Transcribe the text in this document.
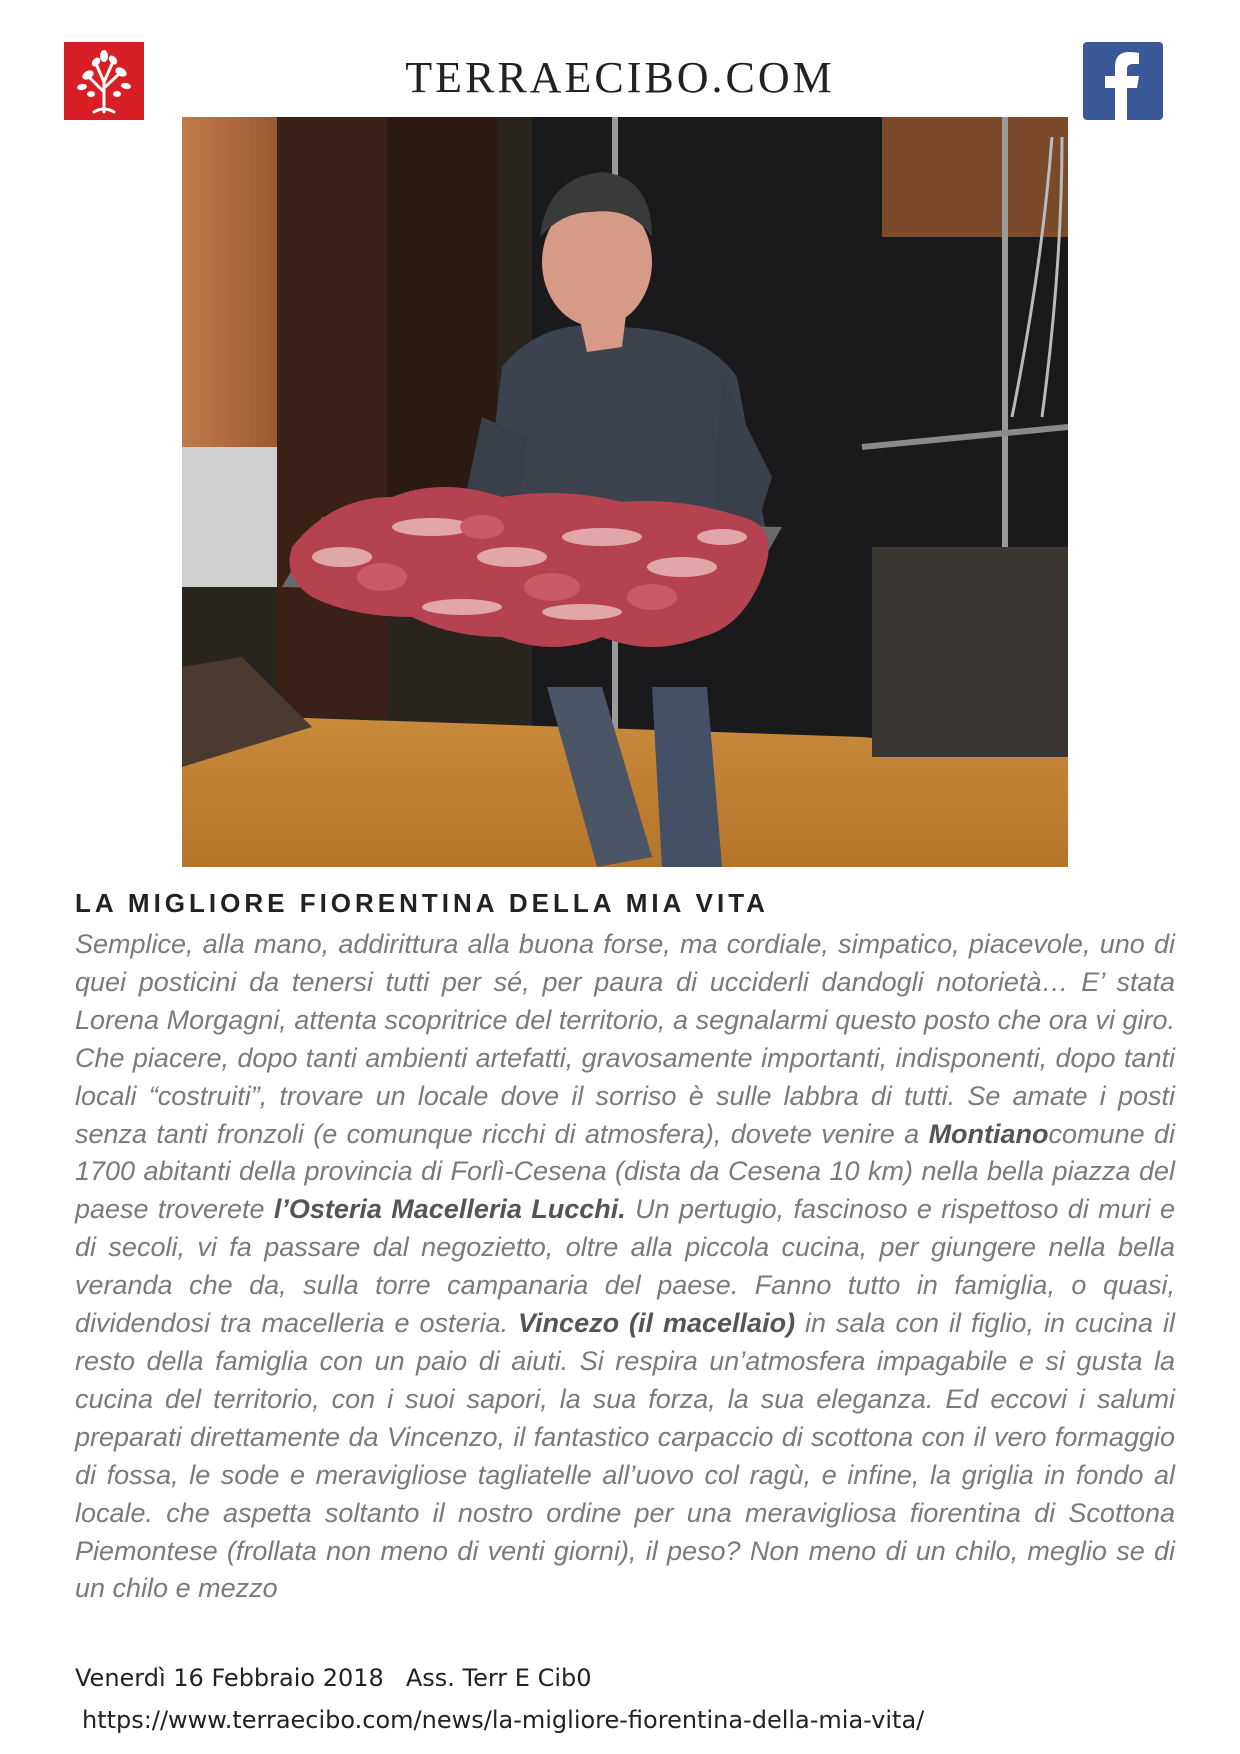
TERRAECIBO.COM
LA MIGLIORE FIORENTINA DELLA MIA VITA

Semplice, alla mano, addirittura alla buona forse, ma cordiale, simpatico, piacevole, uno di quei posticini da tenersi tutti per sé, per paura di ucciderli dandogli notorietà… E’ stata Lorena Morgagni, attenta scopritrice del territorio, a segnalarmi questo posto che ora vi giro. Che piacere, dopo tanti ambienti artefatti, gravosamente importanti, indisponenti, dopo tanti locali “costruiti”, trovare un locale dove il sorriso è sulle labbra di tutti. Se amate i posti senza tanti fronzoli (e comunque ricchi di atmosfera), dovete venire a Montianocomune di 1700 abitanti della provincia di Forlì-Cesena (dista da Cesena 10 km) nella bella piazza del paese troverete l’Osteria Macelleria Lucchi. Un pertugio, fascinoso e rispettoso di muri e di secoli, vi fa passare dal negozietto, oltre alla piccola cucina, per giungere nella bella veranda che da, sulla torre campanaria del paese. Fanno tutto in famiglia, o quasi, dividendosi tra macelleria e osteria. Vincezo (il macellaio) in sala con il figlio, in cucina il resto della famiglia con un paio di aiuti. Si respira un’atmosfera impagabile e si gusta la cucina del territorio, con i suoi sapori, la sua forza, la sua eleganza. Ed eccovi i salumi preparati direttamente da Vincenzo, il fantastico carpaccio di scottona con il vero formaggio di fossa, le sode e meravigliose tagliatelle all’uovo col ragù, e infine, la griglia in fondo al locale. che aspetta soltanto il nostro ordine per una meravigliosa fiorentina di Scottona Piemontese (frollata non meno di venti giorni), il peso? Non meno di un chilo, meglio se di un chilo e mezzo

Venerdì 16 Febbraio 2018 Ass. Terr E Cib0
https://www.terraecibo.com/news/la-migliore-fiorentina-della-mia-vita/
